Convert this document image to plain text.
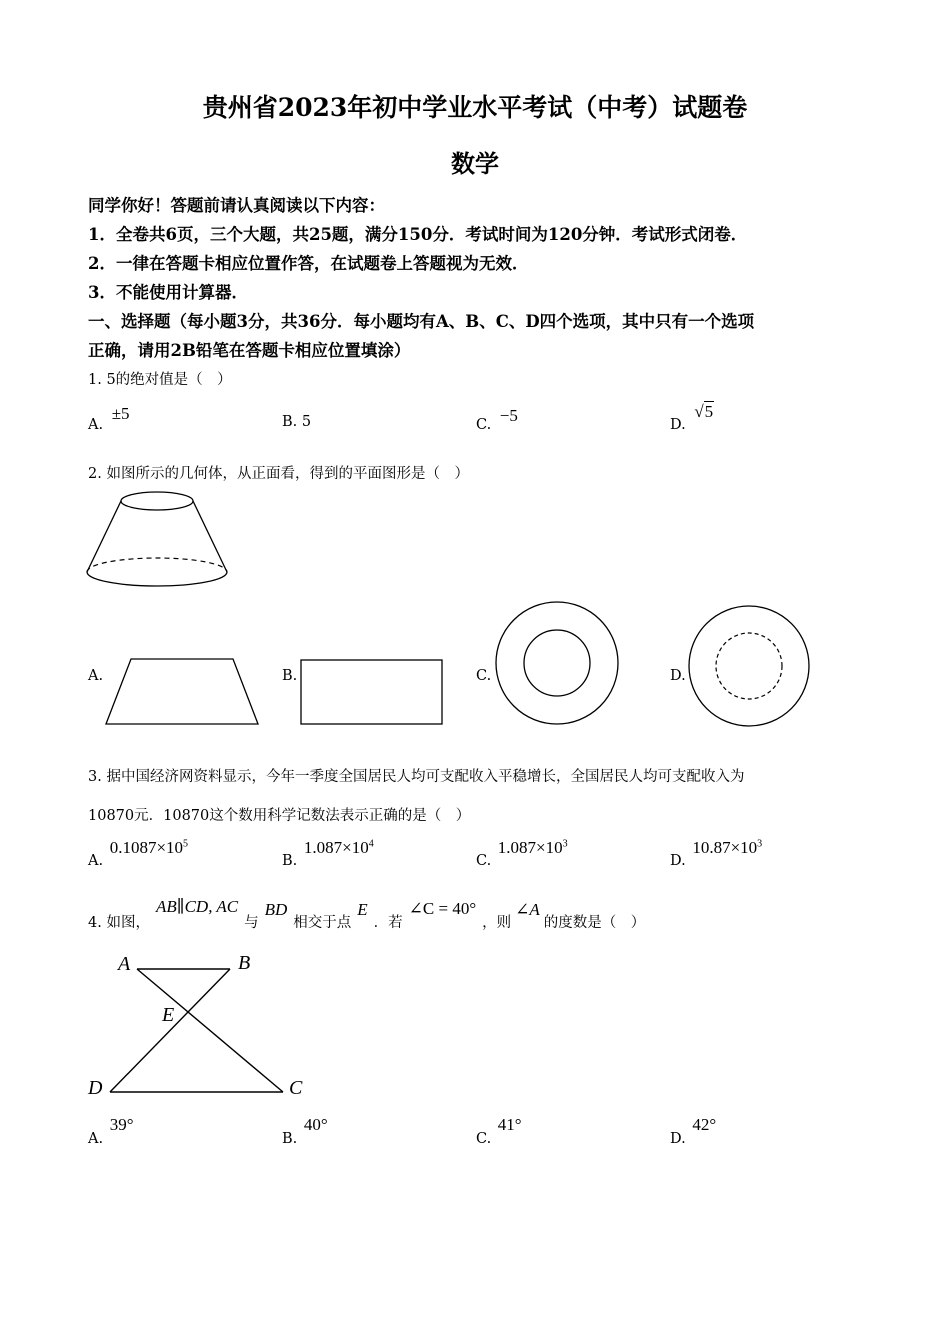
贵州省2023年初中学业水平考试（中考）试题卷
数学
同学你好！答题前请认真阅读以下内容：
1．全卷共6页，三个大题，共25题，满分150分．考试时间为120分钟．考试形式闭卷．
2．一律在答题卡相应位置作答，在试题卷上答题视为无效．
3．不能使用计算器．
一、选择题（每小题3分，共36分．每小题均有A、B、C、D四个选项，其中只有一个选项
正确，请用2B铅笔在答题卡相应位置填涂）
1. 5的绝对值是（　）
A. ±5	B. 5	C. −5	D. √5
2. 如图所示的几何体，从正面看，得到的平面图形是（　）
A.	B.	C.	D.
3. 据中国经济网资料显示，今年一季度全国居民人均可支配收入平稳增长，全国居民人均可支配收入为
10870元．10870这个数用科学记数法表示正确的是（　）
A. $0.1087\times 10^5$
B. $1.087\times 10^4$
C. $1.087\times 10^3$
D. $10.87\times 10^3$
4. 如图，AB∥CD, AC与BD相交于点E．若∠C = 40°，则∠A的度数是（　）
A	B
E
D	C
A. 39°
B. 40°
C. 41°
D. 42°
